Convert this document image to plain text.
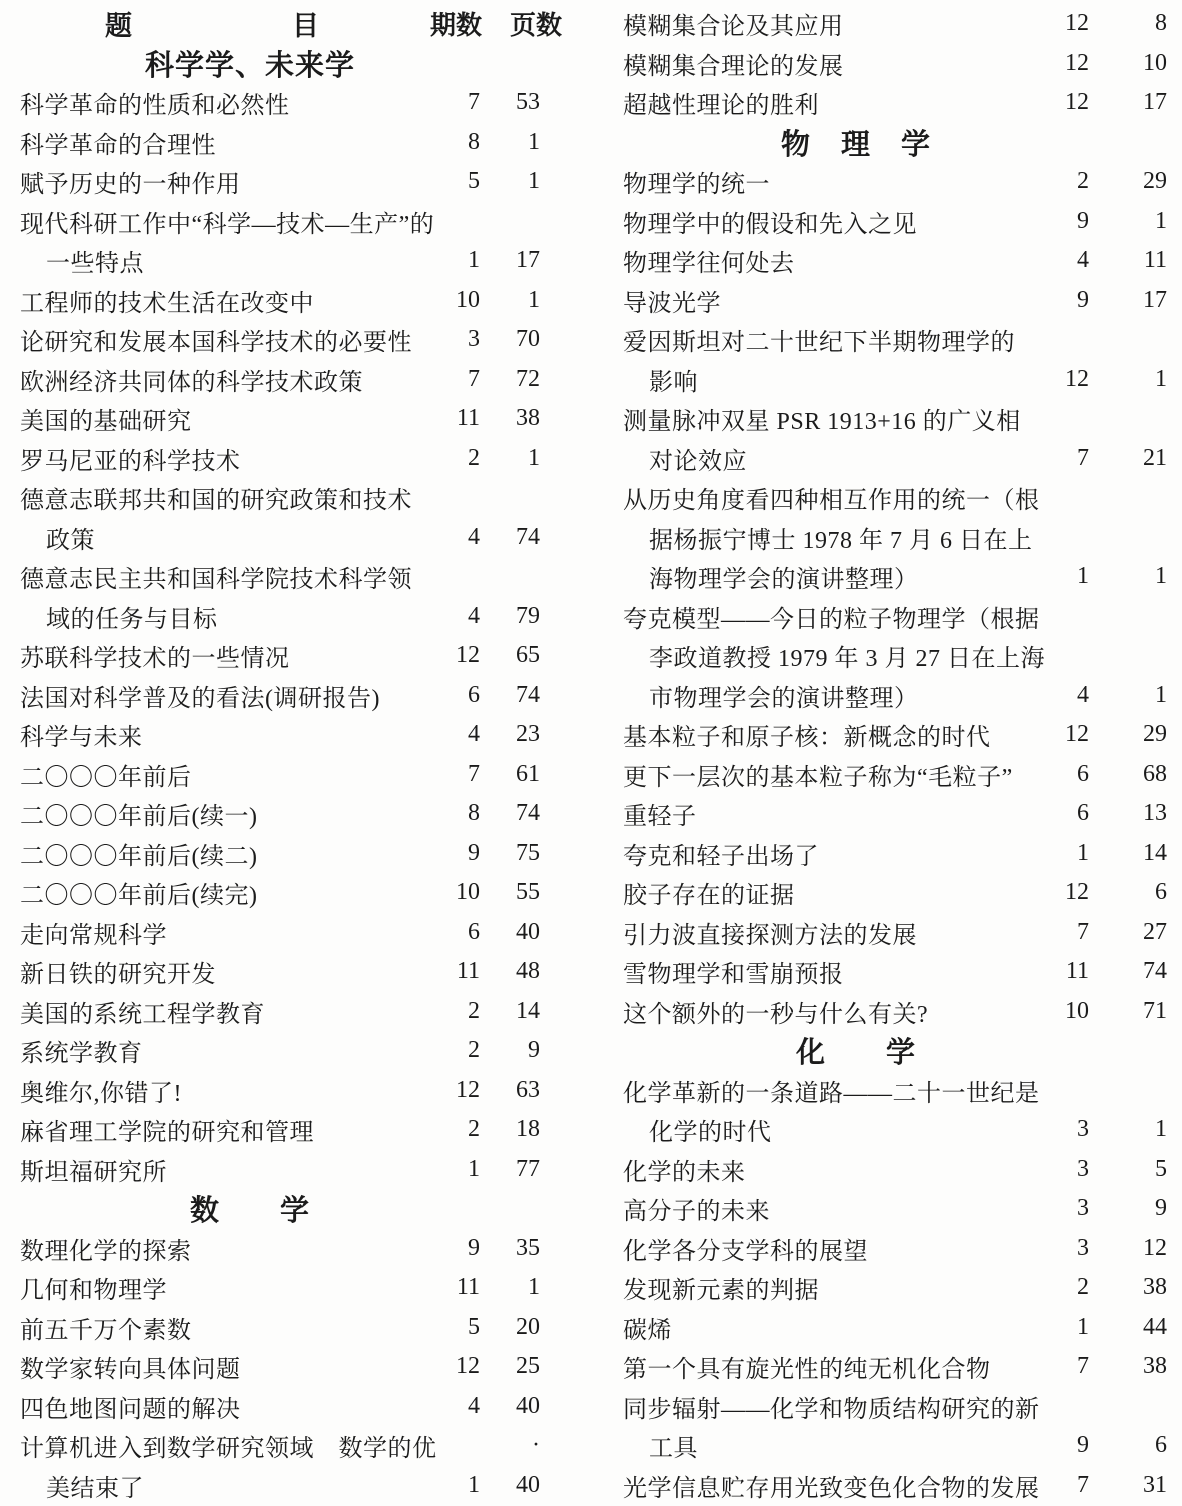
题	目	期数	页数
科学学、未来学
科学革命的性质和必然性	7	53
科学革命的合理性	8	1
赋予历史的一种作用	5	1
现代科研工作中“科学—技术—生产”的
一些特点	1	17
工程师的技术生活在改变中	10	1
论研究和发展本国科学技术的必要性	3	70
欧洲经济共同体的科学技术政策	7	72
美国的基础研究	11	38
罗马尼亚的科学技术	2	1
德意志联邦共和国的研究政策和技术
政策	4	74
德意志民主共和国科学院技术科学领
域的任务与目标	4	79
苏联科学技术的一些情况	12	65
法国对科学普及的看法(调研报告)	6	74
科学与未来	4	23
二〇〇〇年前后	7	61
二〇〇〇年前后(续一)	8	74
二〇〇〇年前后(续二)	9	75
二〇〇〇年前后(续完)	10	55
走向常规科学	6	40
新日铁的研究开发	11	48
美国的系统工程学教育	2	14
系统学教育	2	9
奥维尔,你错了!	12	63
麻省理工学院的研究和管理	2	18
斯坦福研究所	1	77
数　　学
数理化学的探索	9	35
几何和物理学	11	1
前五千万个素数	5	20
数学家转向具体问题	12	25
四色地图问题的解决	4	40
计算机进入到数学研究领域　数学的优	·
美结束了	1	40
模糊集合论及其应用	12	8
模糊集合理论的发展	12	10
超越性理论的胜利	12	17
物　理　学
物理学的统一	2	29
物理学中的假设和先入之见	9	1
物理学往何处去	4	11
导波光学	9	17
爱因斯坦对二十世纪下半期物理学的
影响	12	1
测量脉冲双星 PSR 1913+16 的广义相
对论效应	7	21
从历史角度看四种相互作用的统一（根
据杨振宁博士 1978 年 7 月 6 日在上
海物理学会的演讲整理）	1	1
夸克模型——今日的粒子物理学（根据
李政道教授 1979 年 3 月 27 日在上海
市物理学会的演讲整理）	4	1
基本粒子和原子核：新概念的时代	12	29
更下一层次的基本粒子称为“毛粒子”	6	68
重轻子	6	13
夸克和轻子出场了	1	14
胶子存在的证据	12	6
引力波直接探测方法的发展	7	27
雪物理学和雪崩预报	11	74
这个额外的一秒与什么有关?	10	71
化　　学
化学革新的一条道路——二十一世纪是
化学的时代	3	1
化学的未来	3	5
高分子的未来	3	9
化学各分支学科的展望	3	12
发现新元素的判据	2	38
碳烯	1	44
第一个具有旋光性的纯无机化合物	7	38
同步辐射——化学和物质结构研究的新
工具	9	6
光学信息贮存用光致变色化合物的发展	7	31
